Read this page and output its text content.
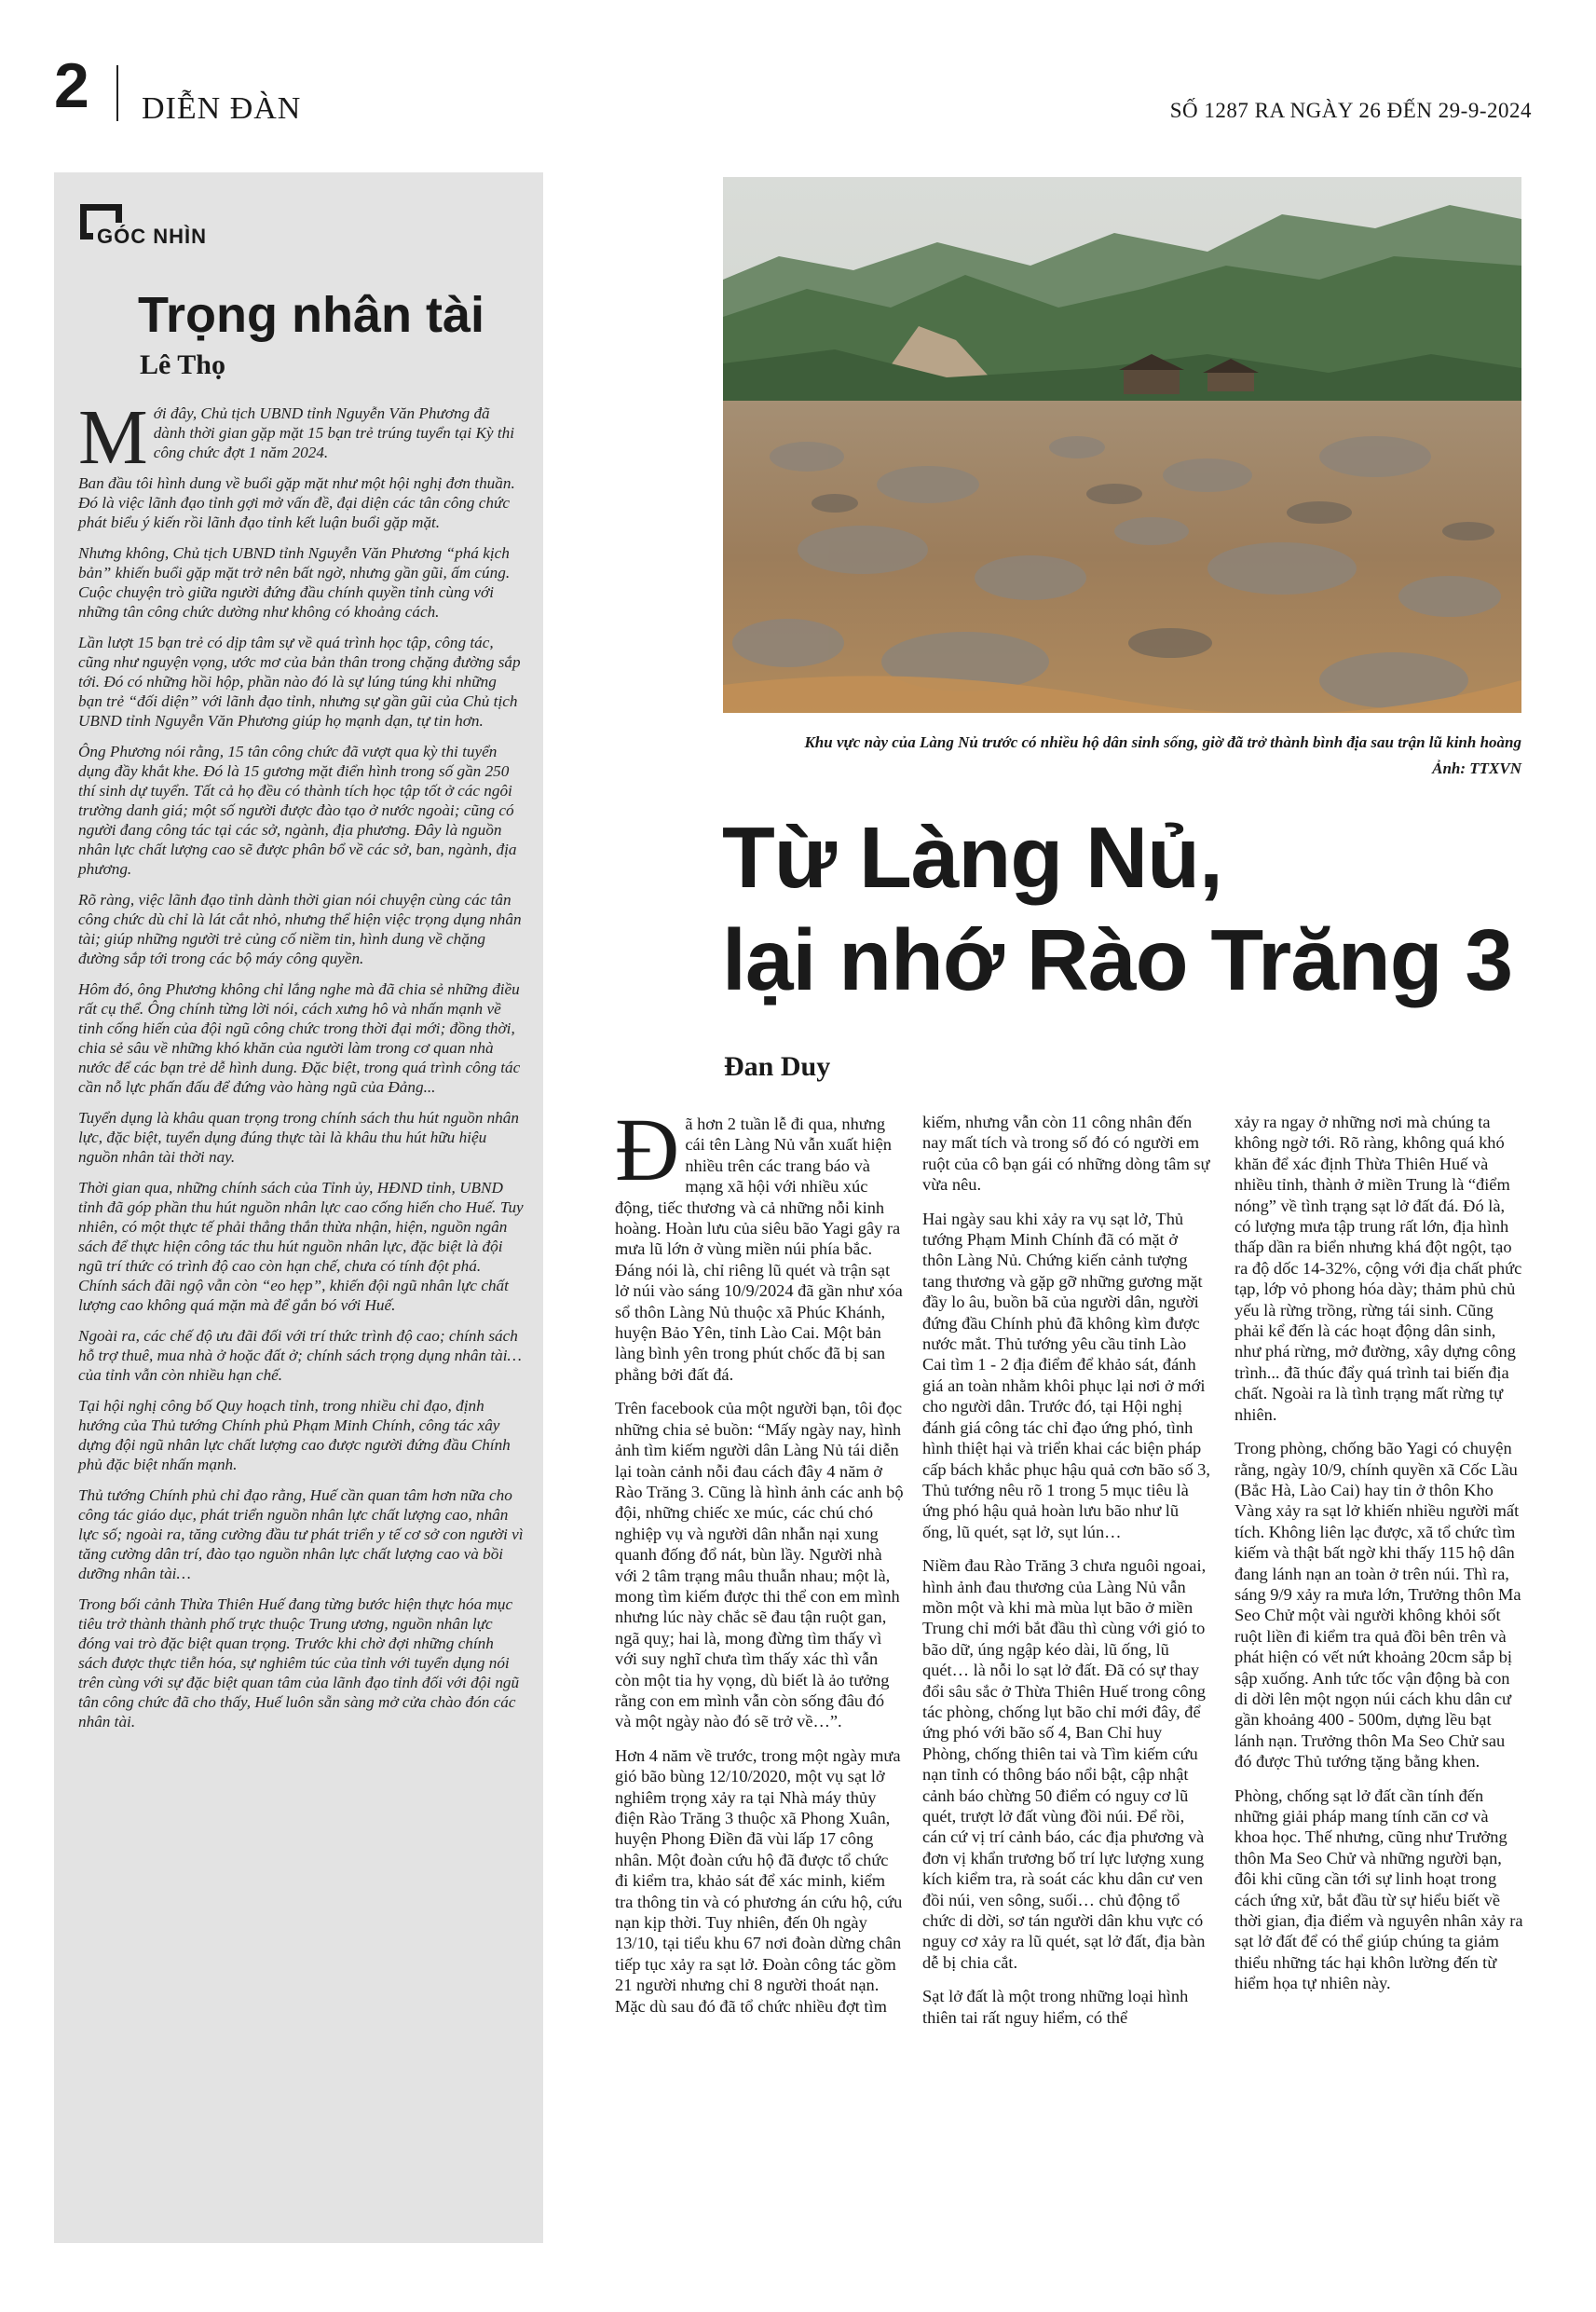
2 DIỄN ĐÀN	SỐ 1287 RA NGÀY 26 ĐẾN 29-9-2024
GÓC NHÌN
Trọng nhân tài
Lê Thọ

Mới đây, Chủ tịch UBND tỉnh Nguyễn Văn Phương đã dành thời gian gặp mặt 15 bạn trẻ trúng tuyển tại Kỳ thi công chức đợt 1 năm 2024.

Ban đầu tôi hình dung về buổi gặp mặt như một hội nghị đơn thuần. Đó là việc lãnh đạo tỉnh gợi mở vấn đề, đại diện các tân công chức phát biểu ý kiến rồi lãnh đạo tỉnh kết luận buổi gặp mặt.

Nhưng không, Chủ tịch UBND tỉnh Nguyễn Văn Phương “phá kịch bản” khiến buổi gặp mặt trở nên bất ngờ, nhưng gần gũi, ấm cúng. Cuộc chuyện trò giữa người đứng đầu chính quyền tỉnh cùng với những tân công chức dường như không có khoảng cách.

Lần lượt 15 bạn trẻ có dịp tâm sự về quá trình học tập, công tác, cũng như nguyện vọng, ước mơ của bản thân trong chặng đường sắp tới. Đó có những hồi hộp, phần nào đó là sự lúng túng khi những bạn trẻ “đối diện” với lãnh đạo tỉnh, nhưng sự gần gũi của Chủ tịch UBND tỉnh Nguyễn Văn Phương giúp họ mạnh dạn, tự tin hơn.

Ông Phương nói rằng, 15 tân công chức đã vượt qua kỳ thi tuyển dụng đầy khắt khe. Đó là 15 gương mặt điển hình trong số gần 250 thí sinh dự tuyển. Tất cả họ đều có thành tích học tập tốt ở các ngôi trường danh giá; một số người được đào tạo ở nước ngoài; cũng có người đang công tác tại các sở, ngành, địa phương. Đây là nguồn nhân lực chất lượng cao sẽ được phân bổ về các sở, ban, ngành, địa phương.

Rõ ràng, việc lãnh đạo tỉnh dành thời gian nói chuyện cùng các tân công chức dù chỉ là lát cắt nhỏ, nhưng thể hiện việc trọng dụng nhân tài; giúp những người trẻ củng cố niềm tin, hình dung về chặng đường sắp tới trong các bộ máy công quyền.

Hôm đó, ông Phương không chỉ lắng nghe mà đã chia sẻ những điều rất cụ thể. Ông chính từng lời nói, cách xưng hô và nhấn mạnh về tinh cống hiến của đội ngũ công chức trong thời đại mới; đồng thời, chia sẻ sâu về những khó khăn của người làm trong cơ quan nhà nước để các bạn trẻ dễ hình dung. Đặc biệt, trong quá trình công tác cần nỗ lực phấn đấu để đứng vào hàng ngũ của Đảng...

Tuyển dụng là khâu quan trọng trong chính sách thu hút nguồn nhân lực, đặc biệt, tuyển dụng đúng thực tài là khâu thu hút hữu hiệu nguồn nhân tài thời nay.

Thời gian qua, những chính sách của Tỉnh ủy, HĐND tỉnh, UBND tỉnh đã góp phần thu hút nguồn nhân lực cao cống hiến cho Huế. Tuy nhiên, có một thực tế phải thẳng thắn thừa nhận, hiện, nguồn ngân sách để thực hiện công tác thu hút nguồn nhân lực, đặc biệt là đội ngũ trí thức có trình độ cao còn hạn chế, chưa có tính đột phá. Chính sách đãi ngộ vẫn còn “eo hẹp”, khiến đội ngũ nhân lực chất lượng cao không quá mặn mà để gắn bó với Huế.

Ngoài ra, các chế độ ưu đãi đối với trí thức trình độ cao; chính sách hỗ trợ thuê, mua nhà ở hoặc đất ở; chính sách trọng dụng nhân tài… của tỉnh vẫn còn nhiều hạn chế.

Tại hội nghị công bố Quy hoạch tỉnh, trong nhiều chỉ đạo, định hướng của Thủ tướng Chính phủ Phạm Minh Chính, công tác xây dựng đội ngũ nhân lực chất lượng cao được người đứng đầu Chính phủ đặc biệt nhấn mạnh.

Thủ tướng Chính phủ chỉ đạo rằng, Huế cần quan tâm hơn nữa cho công tác giáo dục, phát triển nguồn nhân lực chất lượng cao, nhân lực số; ngoài ra, tăng cường đầu tư phát triển y tế cơ sở con người vì tăng cường dân trí, đào tạo nguồn nhân lực chất lượng cao và bồi dưỡng nhân tài…

Trong bối cảnh Thừa Thiên Huế đang từng bước hiện thực hóa mục tiêu trở thành thành phố trực thuộc Trung ương, nguồn nhân lực đóng vai trò đặc biệt quan trọng. Trước khi chờ đợi những chính sách được thực tiễn hóa, sự nghiêm túc của tỉnh với tuyển dụng nói trên cùng với sự đặc biệt quan tâm của lãnh đạo tỉnh đối với đội ngũ tân công chức đã cho thấy, Huế luôn sẵn sàng mở cửa chào đón các nhân tài.

Khu vực này của Làng Nủ trước có nhiều hộ dân sinh sống, giờ đã trở thành bình địa sau trận lũ kinh hoàng
Ảnh: TTXVN
Từ Làng Nủ,
lại nhớ Rào Trăng 3
Đan Duy

Đã hơn 2 tuần lễ đi qua, nhưng cái tên Làng Nủ vẫn xuất hiện nhiều trên các trang báo và mạng xã hội với nhiều xúc động, tiếc thương và cả những nỗi kinh hoàng. Hoàn lưu của siêu bão Yagi gây ra mưa lũ lớn ở vùng miền núi phía bắc. Đáng nói là, chỉ riêng lũ quét và trận sạt lở núi vào sáng 10/9/2024 đã gần như xóa sổ thôn Làng Nủ thuộc xã Phúc Khánh, huyện Bảo Yên, tỉnh Lào Cai. Một bản làng bình yên trong phút chốc đã bị san phẳng bởi đất đá.

Trên facebook của một người bạn, tôi đọc những chia sẻ buồn: “Mấy ngày nay, hình ảnh tìm kiếm người dân Làng Nủ tái diễn lại toàn cảnh nỗi đau cách đây 4 năm ở Rào Trăng 3. Cũng là hình ảnh các anh bộ đội, những chiếc xe múc, các chú chó nghiệp vụ và người dân nhẫn nại xung quanh đống đổ nát, bùn lầy. Người nhà với 2 tâm trạng mâu thuẫn nhau; một là, mong tìm kiếm được thi thể con em mình nhưng lúc này chắc sẽ đau tận ruột gan, ngã quỵ; hai là, mong đừng tìm thấy vì với suy nghĩ chưa tìm thấy xác thì vẫn còn một tia hy vọng, dù biết là ảo tưởng rằng con em mình vẫn còn sống đâu đó và một ngày nào đó sẽ trở về…”.

Hơn 4 năm về trước, trong một ngày mưa gió bão bùng 12/10/2020, một vụ sạt lở nghiêm trọng xảy ra tại Nhà máy thủy điện Rào Trăng 3 thuộc xã Phong Xuân, huyện Phong Điền đã vùi lấp 17 công nhân. Một đoàn cứu hộ đã được tổ chức đi kiểm tra, khảo sát để xác minh, kiểm tra thông tin và có phương án cứu hộ, cứu nạn kịp thời. Tuy nhiên, đến 0h ngày 13/10, tại tiểu khu 67 nơi đoàn dừng chân tiếp tục xảy ra sạt lở. Đoàn công tác gồm 21 người nhưng chỉ 8 người thoát nạn. Mặc dù sau đó đã tổ chức nhiều đợt tìm

kiếm, nhưng vẫn còn 11 công nhân đến nay mất tích và trong số đó có người em ruột của cô bạn gái có những dòng tâm sự vừa nêu.

Hai ngày sau khi xảy ra vụ sạt lở, Thủ tướng Phạm Minh Chính đã có mặt ở thôn Làng Nủ. Chứng kiến cảnh tượng tang thương và gặp gỡ những gương mặt đầy lo âu, buồn bã của người dân, người đứng đầu Chính phủ đã không kìm được nước mắt. Thủ tướng yêu cầu tỉnh Lào Cai tìm 1 - 2 địa điểm để khảo sát, đánh giá an toàn nhằm khôi phục lại nơi ở mới cho người dân. Trước đó, tại Hội nghị đánh giá công tác chỉ đạo ứng phó, tình hình thiệt hại và triển khai các biện pháp cấp bách khắc phục hậu quả cơn bão số 3, Thủ tướng nêu rõ 1 trong 5 mục tiêu là ứng phó hậu quả hoàn lưu bão như lũ ống, lũ quét, sạt lở, sụt lún…

Niềm đau Rào Trăng 3 chưa nguôi ngoai, hình ảnh đau thương của Làng Nủ vẫn mồn một và khi mà mùa lụt bão ở miền Trung chỉ mới bắt đầu thì cùng với gió to bão dữ, úng ngập kéo dài, lũ ống, lũ quét… là nỗi lo sạt lở đất. Đã có sự thay đổi sâu sắc ở Thừa Thiên Huế trong công tác phòng, chống lụt bão chỉ mới đây, để ứng phó với bão số 4, Ban Chỉ huy Phòng, chống thiên tai và Tìm kiếm cứu nạn tỉnh có thông báo nổi bật, cập nhật cảnh báo chừng 50 điểm có nguy cơ lũ quét, trượt lở đất vùng đồi núi. Để rồi, cán cứ vị trí cảnh báo, các địa phương và đơn vị khẩn trương bố trí lực lượng xung kích kiểm tra, rà soát các khu dân cư ven đồi núi, ven sông, suối… chủ động tổ chức di dời, sơ tán người dân khu vực có nguy cơ xảy ra lũ quét, sạt lở đất, địa bàn dễ bị chia cắt.

Sạt lở đất là một trong những loại hình thiên tai rất nguy hiểm, có thể

xảy ra ngay ở những nơi mà chúng ta không ngờ tới. Rõ ràng, không quá khó khăn để xác định Thừa Thiên Huế và nhiều tỉnh, thành ở miền Trung là “điểm nóng” về tình trạng sạt lở đất đá. Đó là, có lượng mưa tập trung rất lớn, địa hình thấp dần ra biển nhưng khá đột ngột, tạo ra độ dốc 14-32%, cộng với địa chất phức tạp, lớp vỏ phong hóa dày; thảm phủ chủ yếu là rừng trồng, rừng tái sinh. Cũng phải kể đến là các hoạt động dân sinh, như phá rừng, mở đường, xây dựng công trình... đã thúc đẩy quá trình tai biến địa chất. Ngoài ra là tình trạng mất rừng tự nhiên.

Trong phòng, chống bão Yagi có chuyện rằng, ngày 10/9, chính quyền xã Cốc Lầu (Bắc Hà, Lào Cai) hay tin ở thôn Kho Vàng xảy ra sạt lở khiến nhiều người mất tích. Không liên lạc được, xã tổ chức tìm kiếm và thật bất ngờ khi thấy 115 hộ dân đang lánh nạn an toàn ở trên núi. Thì ra, sáng 9/9 xảy ra mưa lớn, Trưởng thôn Ma Seo Chử một vài người không khỏi sốt ruột liền đi kiểm tra quả đồi bên trên và phát hiện có vết nứt khoảng 20cm sắp bị sập xuống. Anh tức tốc vận động bà con di dời lên một ngọn núi cách khu dân cư gần khoảng 400 - 500m, dựng lều bạt lánh nạn. Trưởng thôn Ma Seo Chử sau đó được Thủ tướng tặng bằng khen.

Phòng, chống sạt lở đất cần tính đến những giải pháp mang tính căn cơ và khoa học. Thế nhưng, cũng như Trưởng thôn Ma Seo Chử và những người bạn, đôi khi cũng cần tới sự linh hoạt trong cách ứng xử, bắt đầu từ sự hiểu biết về thời gian, địa điểm và nguyên nhân xảy ra sạt lở đất để có thể giúp chúng ta giảm thiểu những tác hại khôn lường đến từ hiểm họa tự nhiên này.
